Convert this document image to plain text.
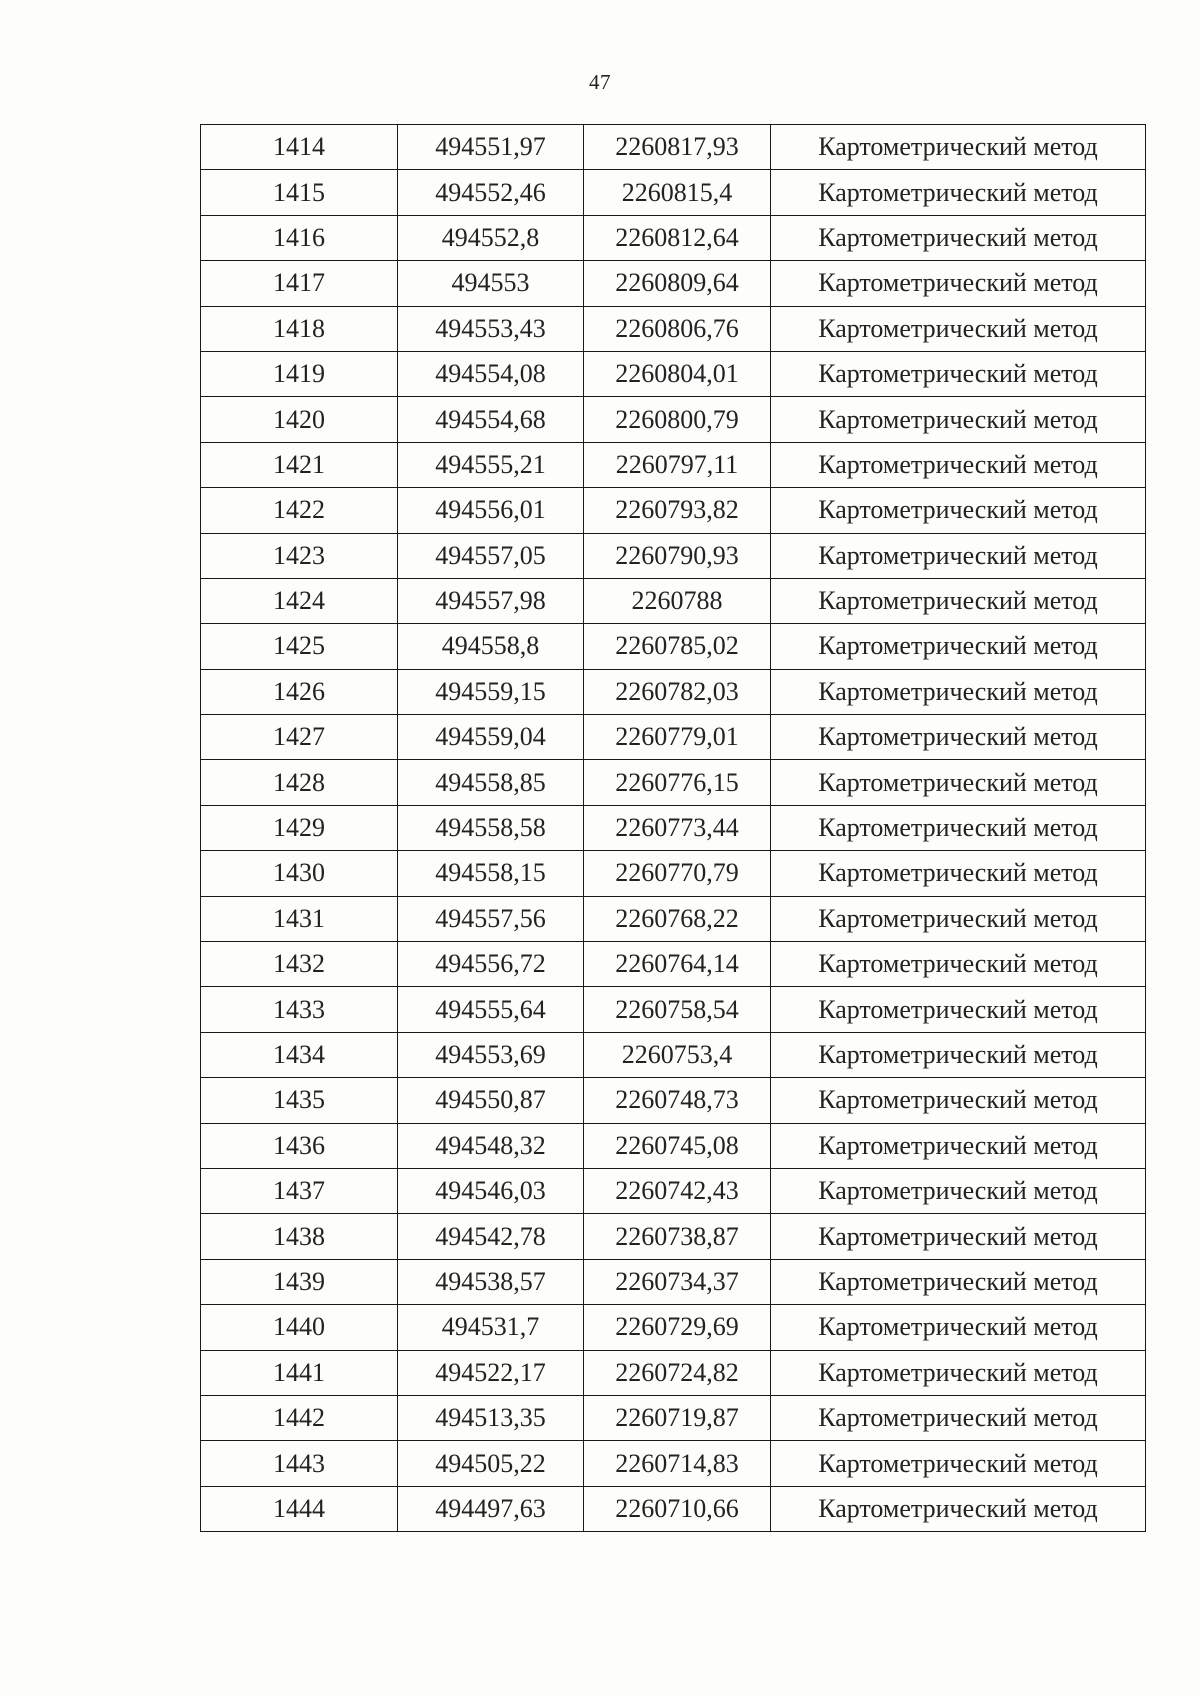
47
1414	494551,97	2260817,93	Картометрический метод
1415	494552,46	2260815,4	Картометрический метод
1416	494552,8	2260812,64	Картометрический метод
1417	494553	2260809,64	Картометрический метод
1418	494553,43	2260806,76	Картометрический метод
1419	494554,08	2260804,01	Картометрический метод
1420	494554,68	2260800,79	Картометрический метод
1421	494555,21	2260797,11	Картометрический метод
1422	494556,01	2260793,82	Картометрический метод
1423	494557,05	2260790,93	Картометрический метод
1424	494557,98	2260788	Картометрический метод
1425	494558,8	2260785,02	Картометрический метод
1426	494559,15	2260782,03	Картометрический метод
1427	494559,04	2260779,01	Картометрический метод
1428	494558,85	2260776,15	Картометрический метод
1429	494558,58	2260773,44	Картометрический метод
1430	494558,15	2260770,79	Картометрический метод
1431	494557,56	2260768,22	Картометрический метод
1432	494556,72	2260764,14	Картометрический метод
1433	494555,64	2260758,54	Картометрический метод
1434	494553,69	2260753,4	Картометрический метод
1435	494550,87	2260748,73	Картометрический метод
1436	494548,32	2260745,08	Картометрический метод
1437	494546,03	2260742,43	Картометрический метод
1438	494542,78	2260738,87	Картометрический метод
1439	494538,57	2260734,37	Картометрический метод
1440	494531,7	2260729,69	Картометрический метод
1441	494522,17	2260724,82	Картометрический метод
1442	494513,35	2260719,87	Картометрический метод
1443	494505,22	2260714,83	Картометрический метод
1444	494497,63	2260710,66	Картометрический метод
